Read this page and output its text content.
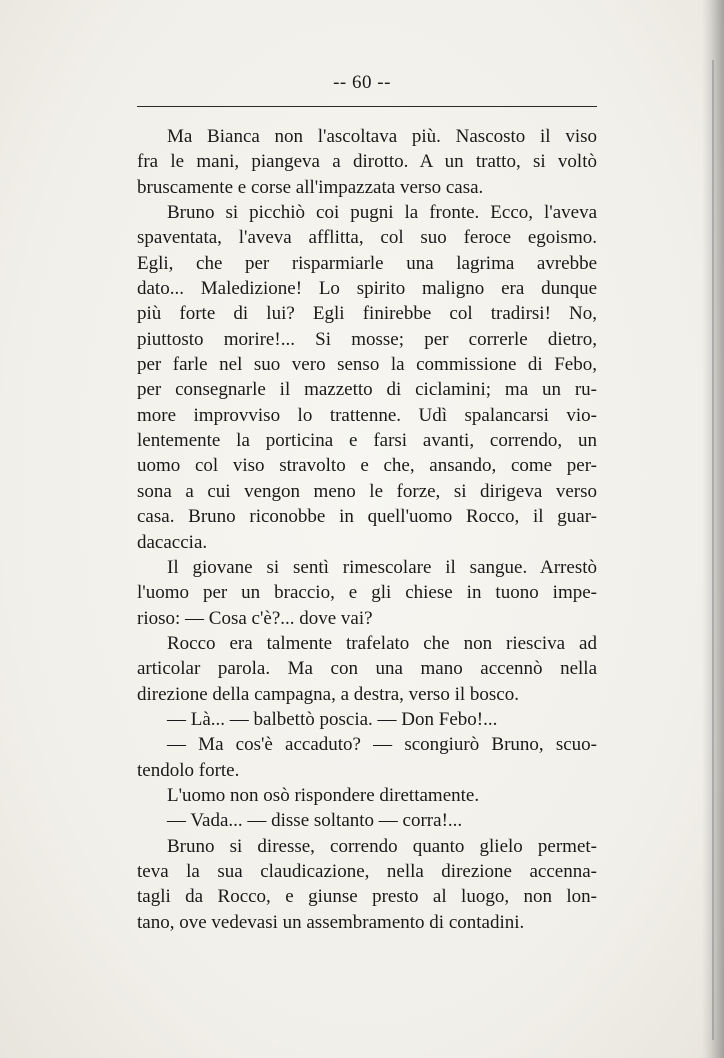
-- 60 --
Ma Bianca non l'ascoltava più. Nascosto il viso
fra le mani, piangeva a dirotto. A un tratto, si voltò
bruscamente e corse all'impazzata verso casa.
Bruno si picchiò coi pugni la fronte. Ecco, l'aveva
spaventata, l'aveva afflitta, col suo feroce egoismo.
Egli, che per risparmiarle una lagrima avrebbe
dato... Maledizione! Lo spirito maligno era dunque
più forte di lui? Egli finirebbe col tradirsi! No,
piuttosto morire!... Si mosse; per correrle dietro,
per farle nel suo vero senso la commissione di Febo,
per consegnarle il mazzetto di ciclamini; ma un ru-
more improvviso lo trattenne. Udì spalancarsi vio-
lentemente la porticina e farsi avanti, correndo, un
uomo col viso stravolto e che, ansando, come per-
sona a cui vengon meno le forze, si dirigeva verso
casa. Bruno riconobbe in quell'uomo Rocco, il guar-
dacaccia.
Il giovane si sentì rimescolare il sangue. Arrestò
l'uomo per un braccio, e gli chiese in tuono impe-
rioso: — Cosa c'è?... dove vai?
Rocco era talmente trafelato che non riesciva ad
articolar parola. Ma con una mano accennò nella
direzione della campagna, a destra, verso il bosco.
— Là... — balbettò poscia. — Don Febo!...
— Ma cos'è accaduto? — scongiurò Bruno, scuo-
tendolo forte.
L'uomo non osò rispondere direttamente.
— Vada... — disse soltanto — corra!...
Bruno si diresse, correndo quanto glielo permet-
teva la sua claudicazione, nella direzione accenna-
tagli da Rocco, e giunse presto al luogo, non lon-
tano, ove vedevasi un assembramento di contadini.
